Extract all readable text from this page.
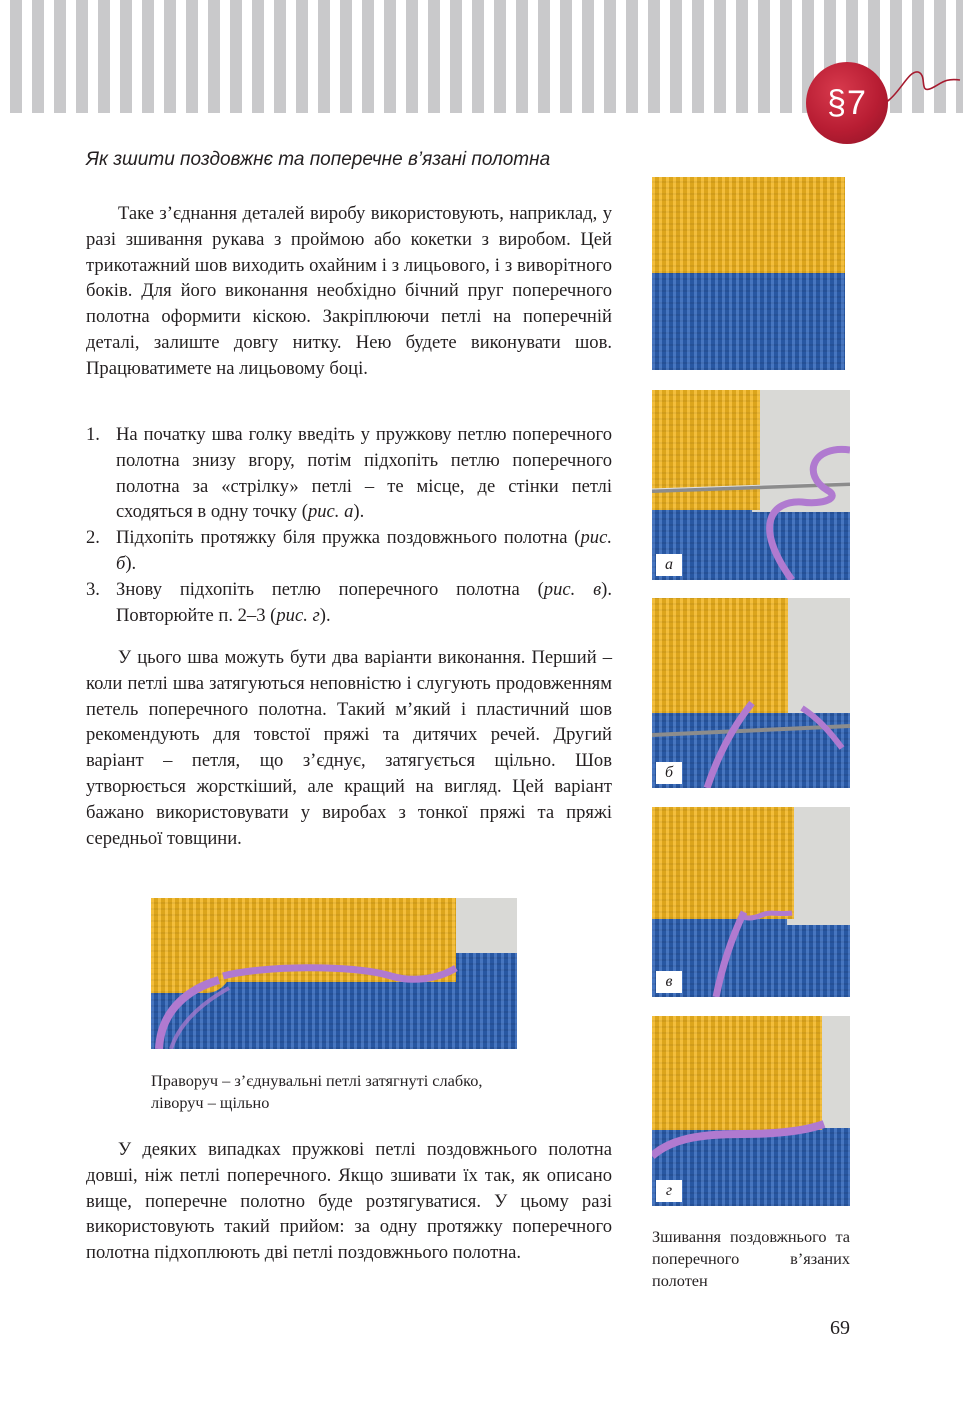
§7
Як зшити поздовжнє та поперечне в’язані полотна

Таке з’єднання деталей виробу використовують, наприклад, у разі зшивання рукава з проймою або кокетки з виробом. Цей трикотажний шов виходить охайним і з лицьового, і з виворітного боків. Для його виконання необхідно бічний пруг поперечного полотна оформити кіскою. Закріплюючи петлі на поперечній деталі, залиште довгу нитку. Нею будете виконувати шов. Працюватимете на лицьовому боці.

1. На початку шва голку введіть у пружкову петлю поперечного полотна знизу вгору, потім підхопіть петлю поперечного полотна за «стрілку» петлі – те місце, де стінки петлі сходяться в одну точку (рис. а).
2. Підхопіть протяжку біля пружка поздовжнього полотна (рис. б).
3. Знову підхопіть петлю поперечного полотна (рис. в). Повторюйте п. 2–3 (рис. г).

У цього шва можуть бути два варіанти виконання. Перший – коли петлі шва затягуються неповністю і слугують продовженням петель поперечного полотна. Такий м’який і пластичний шов рекомендують для товстої пряжі та дитячих речей. Другий варіант – петля, що з’єднує, затягується щільно. Шов утворюється жорсткіший, але кращий на вигляд. Цей варіант бажано використовувати у виробах з тонкої пряжі та пряжі середньої товщини.

Праворуч – з’єднувальні петлі затягнуті слабко, ліворуч – щільно

У деяких випадках пружкові петлі поздовжнього полотна довші, ніж петлі поперечного. Якщо зшивати їх так, як описано вище, поперечне полотно буде розтягуватися. У цьому разі використовують такий прийом: за одну протяжку поперечного полотна підхоплюють дві петлі поздовжнього полотна.

а
б
в
г
Зшивання поздовжнього та поперечного в’язаних полотен
69
